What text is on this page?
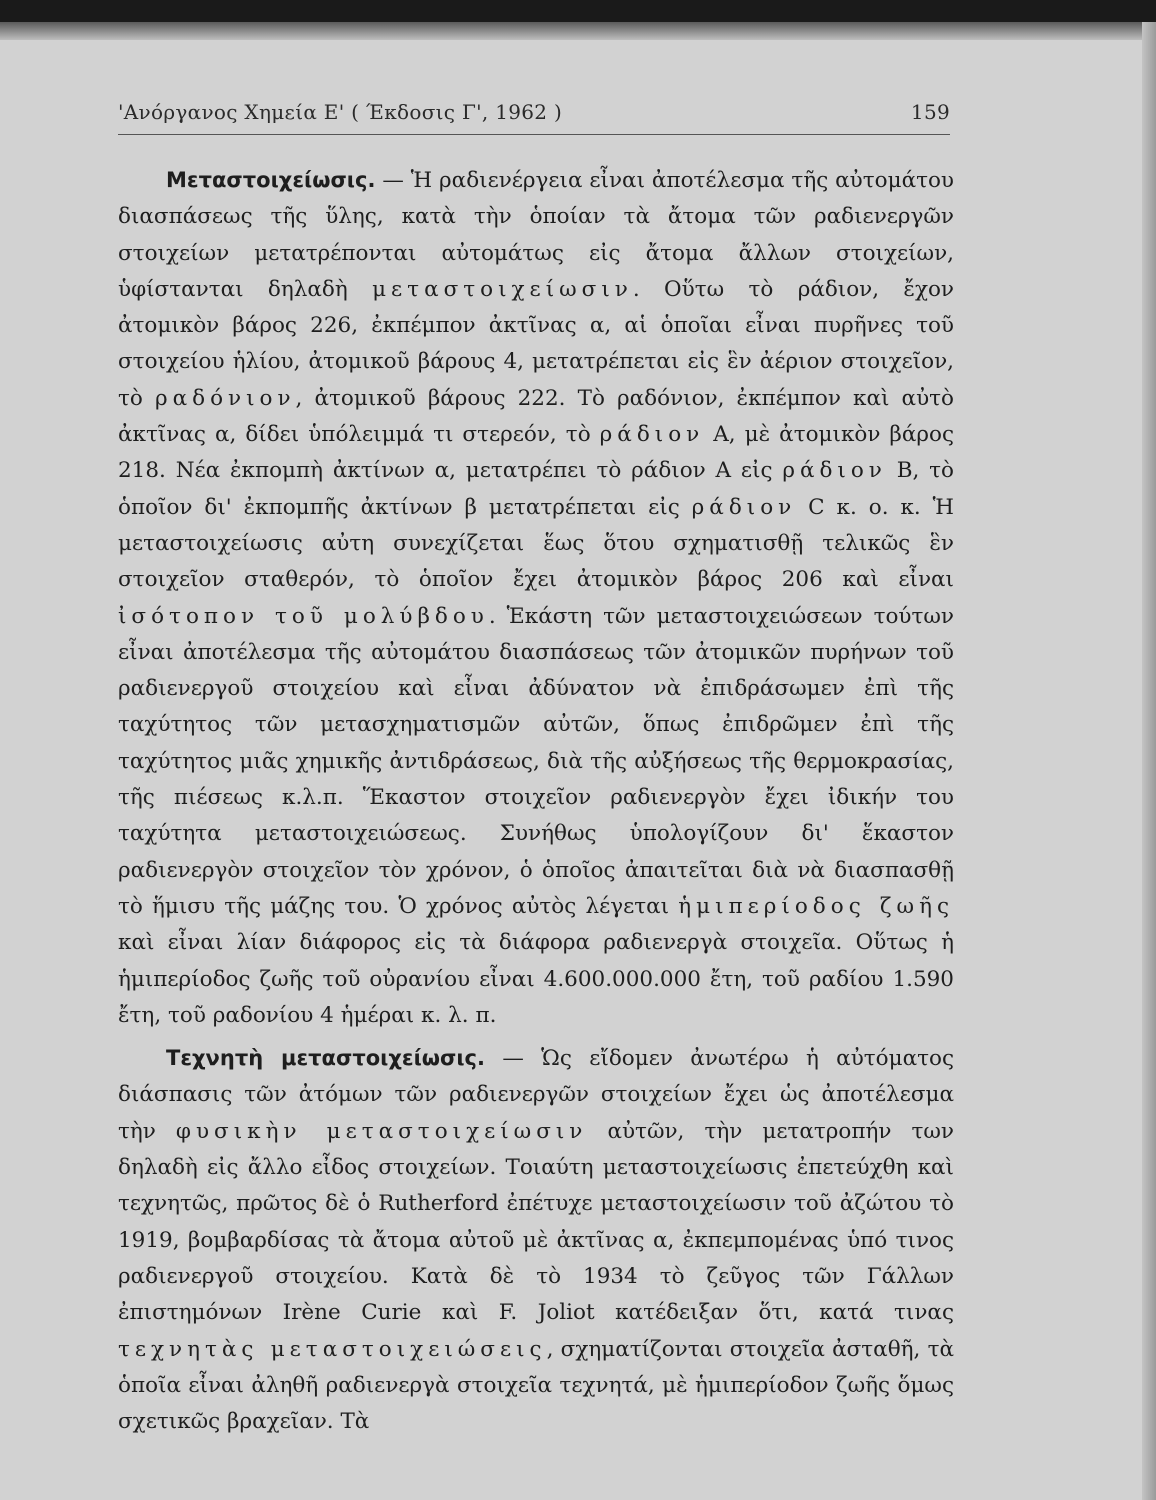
'Ανόργανος Χημεία Ε' ( Έκδοσις Γ', 1962 )	159

Μεταστοιχείωσις. — Ἡ ραδιενέργεια εἶναι ἀποτέλεσμα τῆς αὐτομάτου διασπάσεως τῆς ὕλης, κατὰ τὴν ὁποίαν τὰ ἄτομα τῶν ραδιενεργῶν στοιχείων μετατρέπονται αὐτομάτως εἰς ἄτομα ἄλλων στοιχείων, ὑφίστανται δηλαδὴ μεταστοιχείωσιν. Οὕτω τὸ ράδιον, ἔχον ἀτομικὸν βάρος 226, ἐκπέμπον ἀκτῖνας α, αἱ ὁποῖαι εἶναι πυρῆνες τοῦ στοιχείου ἡλίου, ἀτομικοῦ βάρους 4, μετατρέπεται εἰς ἓν ἀέριον στοιχεῖον, τὸ ραδόνιον, ἀτομικοῦ βάρους 222. Τὸ ραδόνιον, ἐκπέμπον καὶ αὐτὸ ἀκτῖνας α, δίδει ὑπόλειμμά τι στερεόν, τὸ ράδιον Α, μὲ ἀτομικὸν βάρος 218. Νέα ἐκπομπὴ ἀκτίνων α, μετατρέπει τὸ ράδιον Α εἰς ράδιον Β, τὸ ὁποῖον δι' ἐκπομπῆς ἀκτίνων β μετατρέπεται εἰς ράδιον C κ. ο. κ. Ἡ μεταστοιχείωσις αὐτη συνεχίζεται ἕως ὅτου σχηματισθῇ τελικῶς ἓν στοιχεῖον σταθερόν, τὸ ὁποῖον ἔχει ἀτομικὸν βάρος 206 καὶ εἶναι ἰσότοπον τοῦ μολύβδου. Ἑκάστη τῶν μεταστοιχειώσεων τούτων εἶναι ἀποτέλεσμα τῆς αὐτομάτου διασπάσεως τῶν ἀτομικῶν πυρήνων τοῦ ραδιενεργοῦ στοιχείου καὶ εἶναι ἀδύνατον νὰ ἐπιδράσωμεν ἐπὶ τῆς ταχύτητος τῶν μετασχηματισμῶν αὐτῶν, ὅπως ἐπιδρῶμεν ἐπὶ τῆς ταχύτητος μιᾶς χημικῆς ἀντιδράσεως, διὰ τῆς αὐξήσεως τῆς θερμοκρασίας, τῆς πιέσεως κ.λ.π. Ἕκαστον στοιχεῖον ραδιενεργὸν ἔχει ἰδικήν του ταχύτητα μεταστοιχειώσεως. Συνήθως ὑπολογίζουν δι' ἕκαστον ραδιενεργὸν στοιχεῖον τὸν χρόνον, ὁ ὁποῖος ἀπαιτεῖται διὰ νὰ διασπασθῇ τὸ ἥμισυ τῆς μάζης του. Ὁ χρόνος αὐτὸς λέγεται ἡμιπερίοδος ζωῆς καὶ εἶναι λίαν διάφορος εἰς τὰ διάφορα ραδιενεργὰ στοιχεῖα. Οὕτως ἡ ἡμιπερίοδος ζωῆς τοῦ οὐρανίου εἶναι 4.600.000.000 ἔτη, τοῦ ραδίου 1.590 ἔτη, τοῦ ραδονίου 4 ἡμέραι κ. λ. π.

Τεχνητὴ μεταστοιχείωσις. — Ὡς εἴδομεν ἀνωτέρω ἡ αὐτόματος διάσπασις τῶν ἀτόμων τῶν ραδιενεργῶν στοιχείων ἔχει ὡς ἀποτέλεσμα τὴν φυσικὴν μεταστοιχείωσιν αὐτῶν, τὴν μετατροπήν των δηλαδὴ εἰς ἄλλο εἶδος στοιχείων. Τοιαύτη μεταστοιχείωσις ἐπετεύχθη καὶ τεχνητῶς, πρῶτος δὲ ὁ Rutherford ἐπέτυχε μεταστοιχείωσιν τοῦ ἀζώτου τὸ 1919, βομβαρδίσας τὰ ἄτομα αὐτοῦ μὲ ἀκτῖνας α, ἐκπεμπομένας ὑπό τινος ραδιενεργοῦ στοιχείου. Κατὰ δὲ τὸ 1934 τὸ ζεῦγος τῶν Γάλλων ἐπιστημόνων Irène Curie καὶ F. Joliot κατέδειξαν ὅτι, κατά τινας τεχνητὰς μεταστοιχειώσεις, σχηματίζονται στοιχεῖα ἀσταθῆ, τὰ ὁποῖα εἶναι ἀληθῆ ραδιενεργὰ στοιχεῖα τεχνητά, μὲ ἡμιπερίοδον ζωῆς ὅμως σχετικῶς βραχεῖαν. Τὰ
